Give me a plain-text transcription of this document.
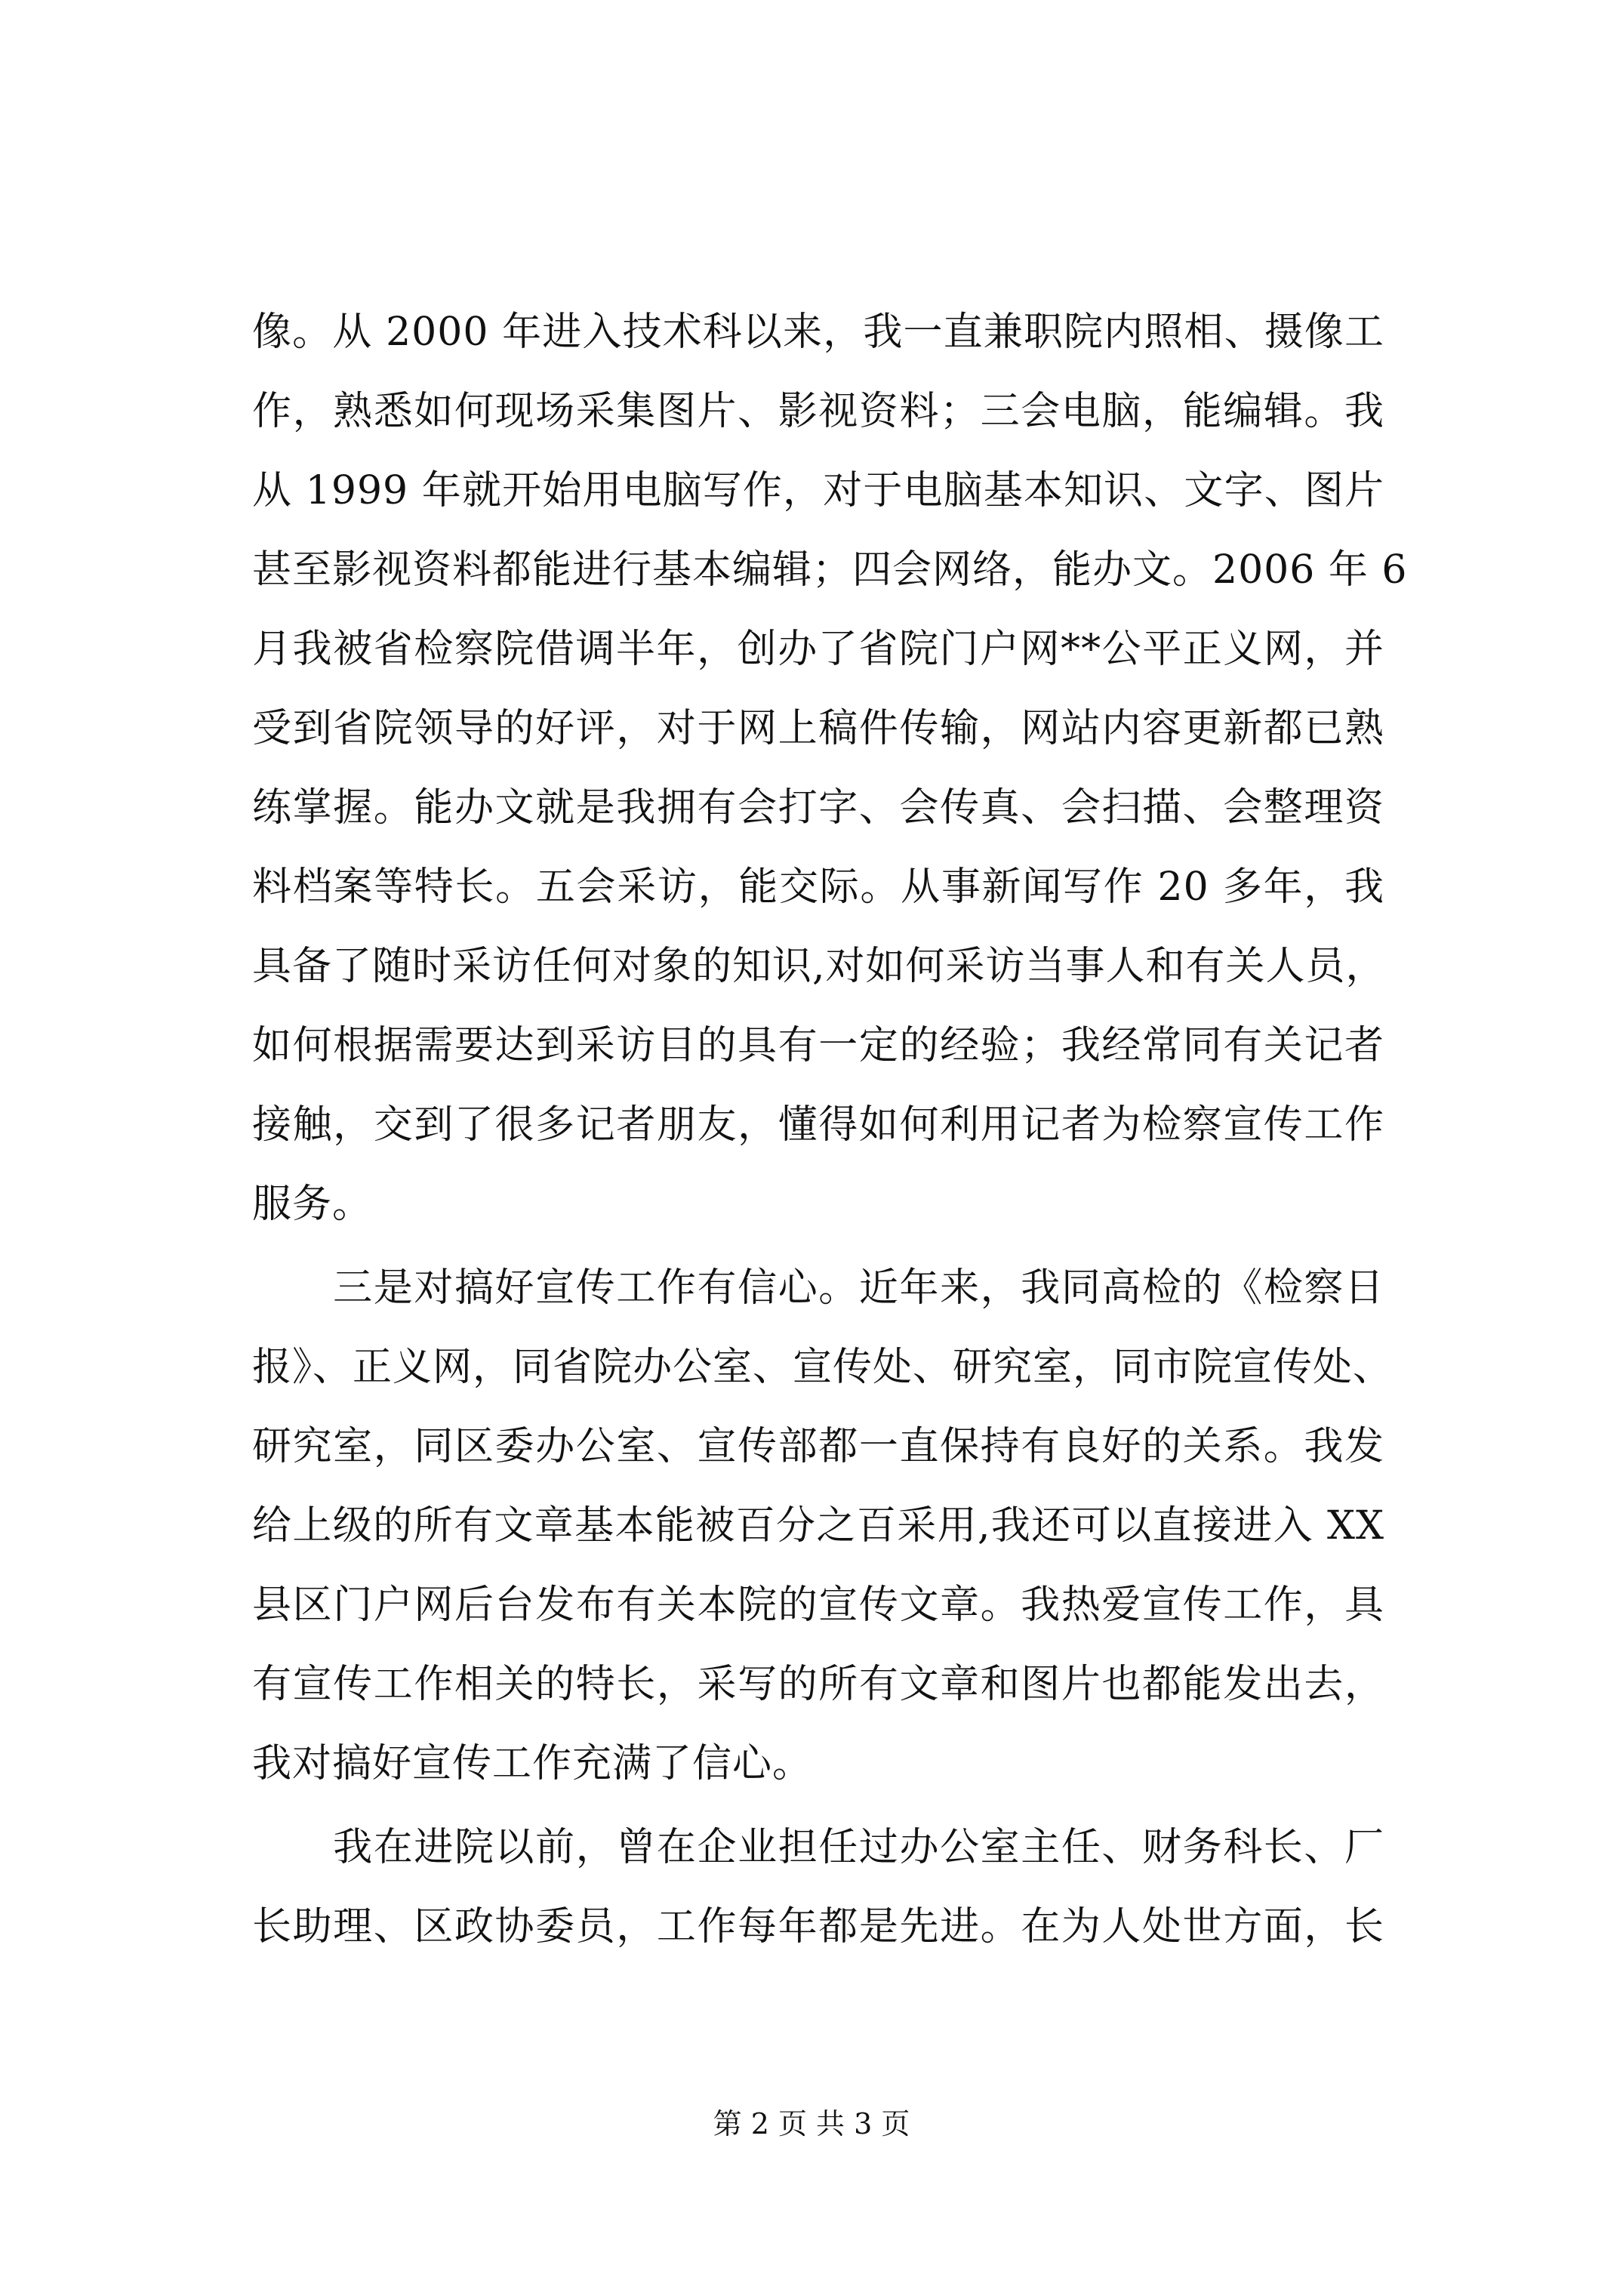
像。从 2000 年进入技术科以来，我一直兼职院内照相、摄像工
作，熟悉如何现场采集图片、影视资料；三会电脑，能编辑。我
从 1999 年就开始用电脑写作，对于电脑基本知识、文字、图片
甚至影视资料都能进行基本编辑；四会网络，能办文。2006 年 6
月我被省检察院借调半年，创办了省院门户网**公平正义网，并
受到省院领导的好评，对于网上稿件传输，网站内容更新都已熟
练掌握。能办文就是我拥有会打字、会传真、会扫描、会整理资
料档案等特长。五会采访，能交际。从事新闻写作 20 多年，我
具备了随时采访任何对象的知识,对如何采访当事人和有关人员，
如何根据需要达到采访目的具有一定的经验；我经常同有关记者
接触，交到了很多记者朋友，懂得如何利用记者为检察宣传工作
服务。
　　三是对搞好宣传工作有信心。近年来，我同高检的《检察日
报》、正义网，同省院办公室、宣传处、研究室，同市院宣传处、
研究室，同区委办公室、宣传部都一直保持有良好的关系。我发
给上级的所有文章基本能被百分之百采用,我还可以直接进入 XX
县区门户网后台发布有关本院的宣传文章。我热爱宣传工作，具
有宣传工作相关的特长，采写的所有文章和图片也都能发出去，
我对搞好宣传工作充满了信心。
　　我在进院以前，曾在企业担任过办公室主任、财务科长、厂
长助理、区政协委员，工作每年都是先进。在为人处世方面，长
第 2 页 共 3 页
